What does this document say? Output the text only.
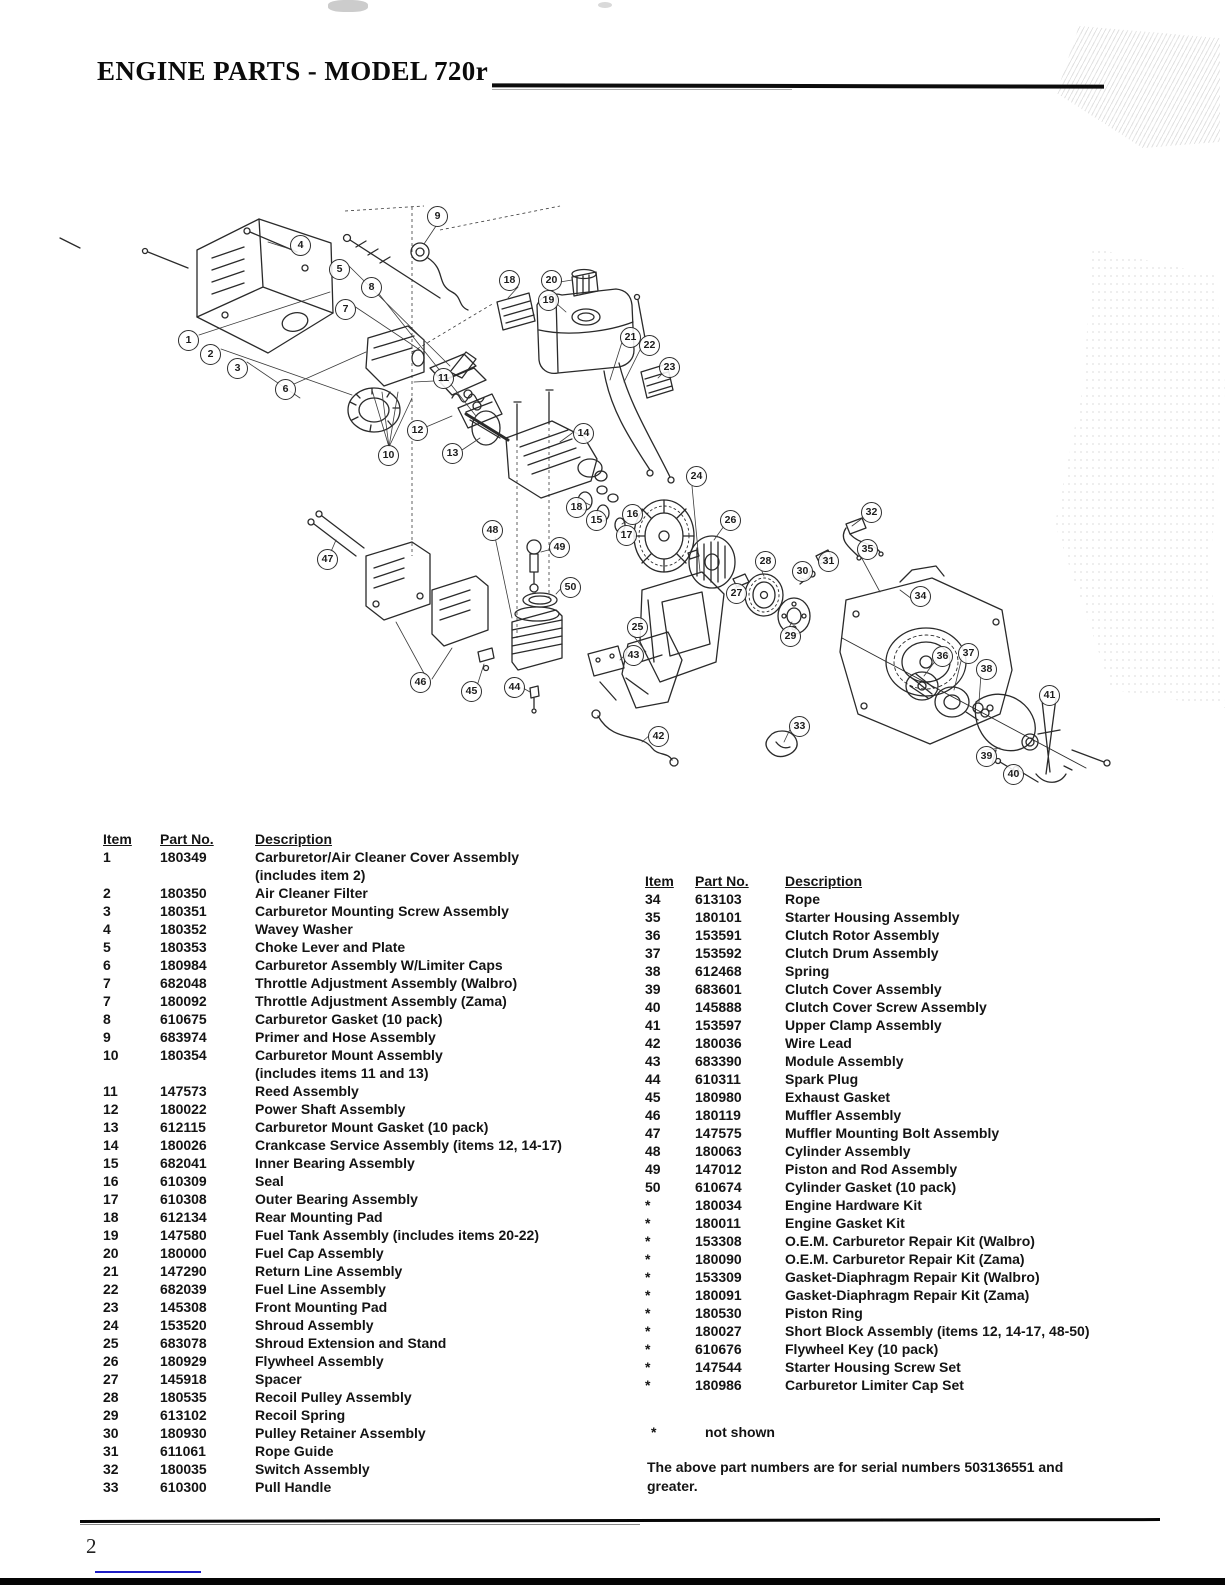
ENGINE PARTS - MODEL 720r
1
2
3
4
5
6
7
8
9
10
11
12
13
14
18
19
20
21
22
23
18
15	16
17
48
49
50
44
45
46
47
24
25
26
27
28
29
30
31
32
33
34
35
36	37
38
39
40
41
42
43
Item	Part No.	Description
1	180349	Carburetor/Air Cleaner Cover Assembly
(includes item 2)
2	180350	Air Cleaner Filter
3	180351	Carburetor Mounting Screw Assembly
4	180352	Wavey Washer
5	180353	Choke Lever and Plate
6	180984	Carburetor Assembly W/Limiter Caps
7	682048	Throttle Adjustment Assembly (Walbro)
7	180092	Throttle Adjustment Assembly (Zama)
8	610675	Carburetor Gasket (10 pack)
9	683974	Primer and Hose Assembly
10	180354	Carburetor Mount Assembly
(includes items 11 and 13)
11	147573	Reed Assembly
12	180022	Power Shaft Assembly
13	612115	Carburetor Mount Gasket (10 pack)
14	180026	Crankcase Service Assembly (items 12, 14-17)
15	682041	Inner Bearing Assembly
16	610309	Seal
17	610308	Outer Bearing Assembly
18	612134	Rear Mounting Pad
19	147580	Fuel Tank Assembly (includes items 20-22)
20	180000	Fuel Cap Assembly
21	147290	Return Line Assembly
22	682039	Fuel Line Assembly
23	145308	Front Mounting Pad
24	153520	Shroud Assembly
25	683078	Shroud Extension and Stand
26	180929	Flywheel Assembly
27	145918	Spacer
28	180535	Recoil Pulley Assembly
29	613102	Recoil Spring
30	180930	Pulley Retainer Assembly
31	611061	Rope Guide
32	180035	Switch Assembly
33	610300	Pull Handle
Item	Part No.	Description
34	613103	Rope
35	180101	Starter Housing Assembly
36	153591	Clutch Rotor Assembly
37	153592	Clutch Drum Assembly
38	612468	Spring
39	683601	Clutch Cover Assembly
40	145888	Clutch Cover Screw Assembly
41	153597	Upper Clamp Assembly
42	180036	Wire Lead
43	683390	Module Assembly
44	610311	Spark Plug
45	180980	Exhaust Gasket
46	180119	Muffler Assembly
47	147575	Muffler Mounting Bolt Assembly
48	180063	Cylinder Assembly
49	147012	Piston and Rod Assembly
50	610674	Cylinder Gasket (10 pack)
*	180034	Engine Hardware Kit
*	180011	Engine Gasket Kit
*	153308	O.E.M. Carburetor Repair Kit (Walbro)
*	180090	O.E.M. Carburetor Repair Kit (Zama)
*	153309	Gasket-Diaphragm Repair Kit (Walbro)
*	180091	Gasket-Diaphragm Repair Kit (Zama)
*	180530	Piston Ring
*	180027	Short Block Assembly (items 12, 14-17, 48-50)
*	610676	Flywheel Key (10 pack)
*	147544	Starter Housing Screw Set
*	180986	Carburetor Limiter Cap Set
*	not shown
The above part numbers are for serial numbers 503136551 and greater.
2
